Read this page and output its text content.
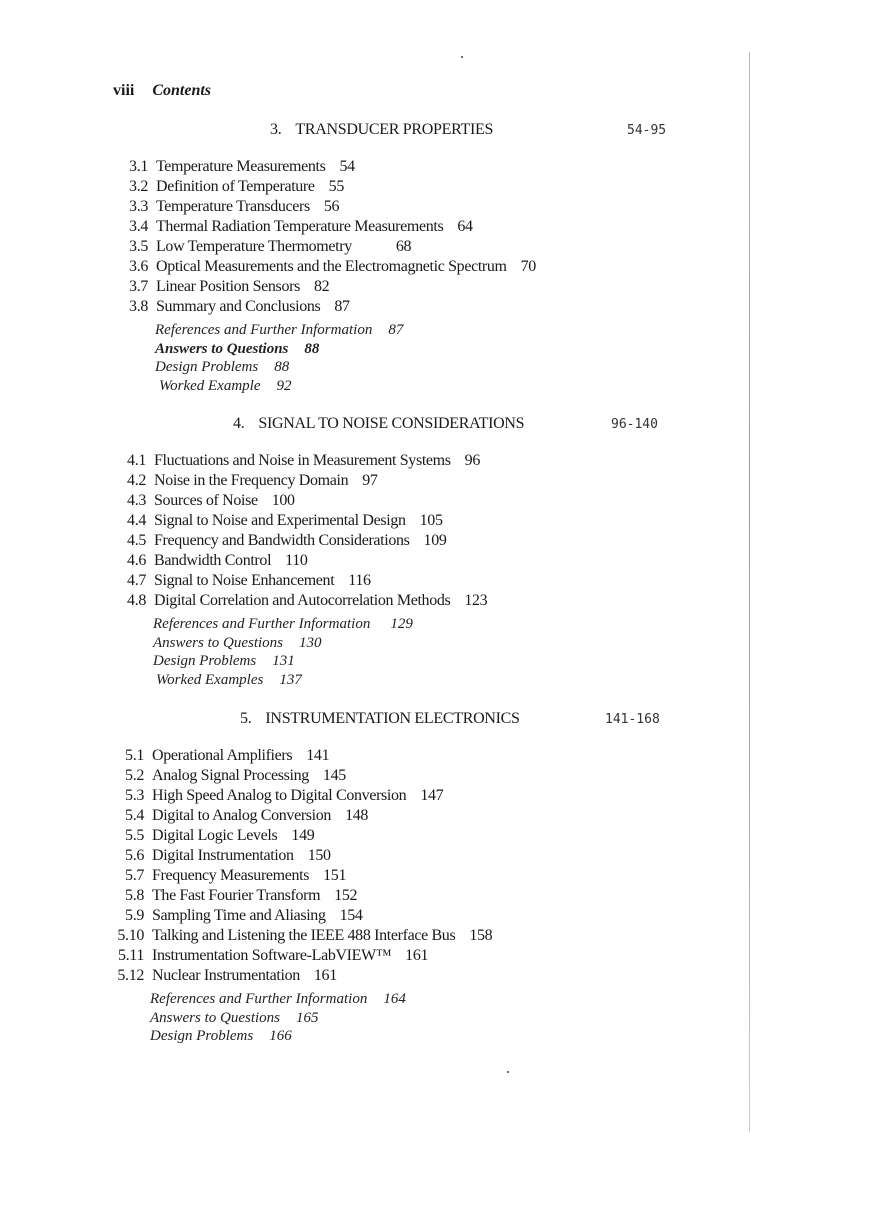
viii Contents
3. TRANSDUCER PROPERTIES	54-95
3.1 Temperature Measurements 54
3.2 Definition of Temperature 55
3.3 Temperature Transducers 56
3.4 Thermal Radiation Temperature Measurements 64
3.5 Low Temperature Thermometry	68
3.6 Optical Measurements and the Electromagnetic Spectrum 70
3.7 Linear Position Sensors 82
3.8 Summary and Conclusions 87
References and Further Information 87
Answers to Questions 88
Design Problems 88
Worked Example 92
4. SIGNAL TO NOISE CONSIDERATIONS	96-140
4.1 Fluctuations and Noise in Measurement Systems 96
4.2 Noise in the Frequency Domain 97
4.3 Sources of Noise 100
4.4 Signal to Noise and Experimental Design 105
4.5 Frequency and Bandwidth Considerations 109
4.6 Bandwidth Control 110
4.7 Signal to Noise Enhancement 116
4.8 Digital Correlation and Autocorrelation Methods 123
References and Further Information 129
Answers to Questions 130
Design Problems 131
Worked Examples 137
5. INSTRUMENTATION ELECTRONICS	141-168
5.1 Operational Amplifiers 141
5.2 Analog Signal Processing 145
5.3 High Speed Analog to Digital Conversion 147
5.4 Digital to Analog Conversion 148
5.5 Digital Logic Levels 149
5.6 Digital Instrumentation 150
5.7 Frequency Measurements 151
5.8 The Fast Fourier Transform 152
5.9 Sampling Time and Aliasing 154
5.10 Talking and Listening the IEEE 488 Interface Bus 158
5.11 Instrumentation Software-LabVIEW™ 161
5.12 Nuclear Instrumentation 161
References and Further Information 164
Answers to Questions 165
Design Problems 166
